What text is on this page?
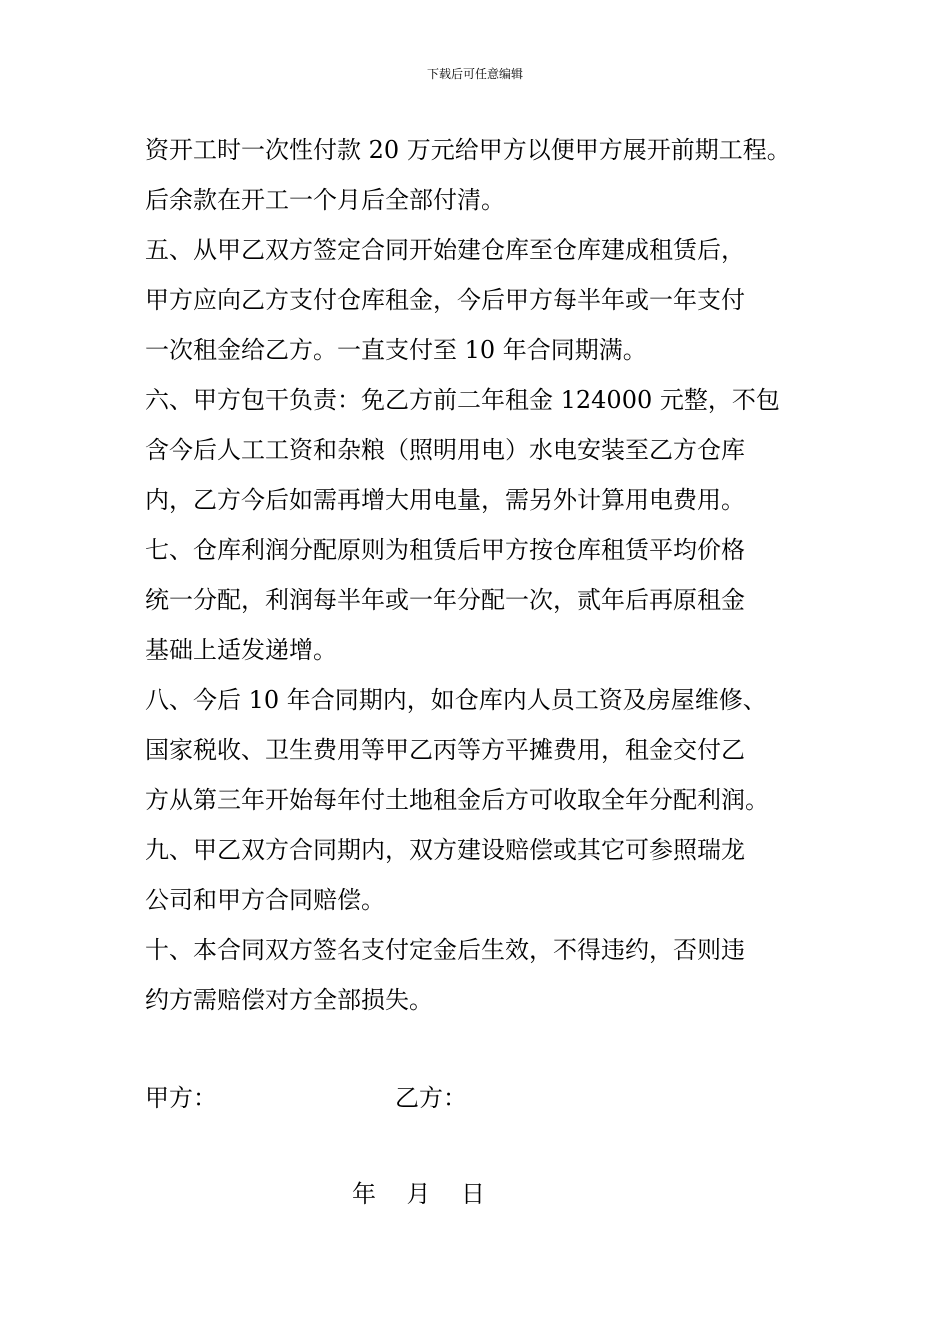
下载后可任意编辑
资开工时一次性付款 20 万元给甲方以便甲方展开前期工程。
后余款在开工一个月后全部付清。
五、从甲乙双方签定合同开始建仓库至仓库建成租赁后，
甲方应向乙方支付仓库租金，今后甲方每半年或一年支付
一次租金给乙方。一直支付至 10 年合同期满。
六、甲方包干负责：免乙方前二年租金 124000 元整，不包
含今后人工工资和杂粮（照明用电）水电安装至乙方仓库
内，乙方今后如需再增大用电量，需另外计算用电费用。
七、仓库利润分配原则为租赁后甲方按仓库租赁平均价格
统一分配，利润每半年或一年分配一次，贰年后再原租金
基础上适发递增。
八、今后 10 年合同期内，如仓库内人员工资及房屋维修、
国家税收、卫生费用等甲乙丙等方平摊费用，租金交付乙
方从第三年开始每年付土地租金后方可收取全年分配利润。
九、甲乙双方合同期内，双方建设赔偿或其它可参照瑞龙
公司和甲方合同赔偿。
十、本合同双方签名支付定金后生效，不得违约，否则违
约方需赔偿对方全部损失。
甲方：	乙方：
年    月    日
